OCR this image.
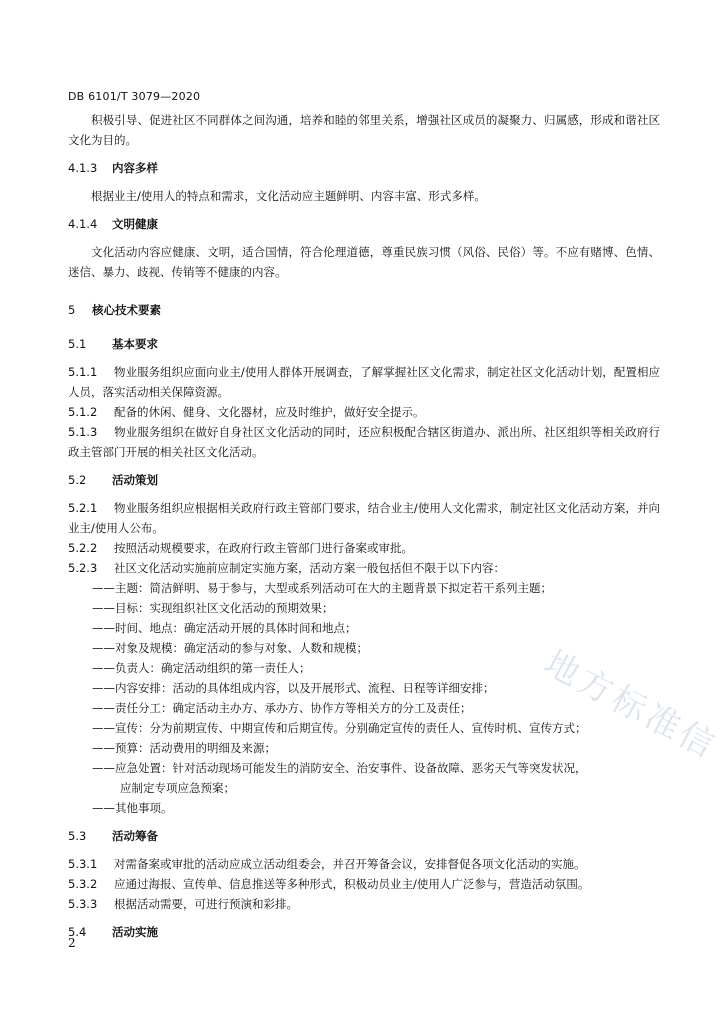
DB 6101/T 3079—2020

积极引导、促进社区不同群体之间沟通，培养和睦的邻里关系，增强社区成员的凝聚力、归属感，形成和谐社区文化为目的。

4.1.3 内容多样

根据业主/使用人的特点和需求，文化活动应主题鲜明、内容丰富、形式多样。

4.1.4 文明健康

文化活动内容应健康、文明，适合国情，符合伦理道德，尊重民族习惯（风俗、民俗）等。不应有赌博、色情、迷信、暴力、歧视、传销等不健康的内容。

5 核心技术要素
5.1 基本要求

5.1.1 物业服务组织应面向业主/使用人群体开展调查，了解掌握社区文化需求，制定社区文化活动计划，配置相应人员，落实活动相关保障资源。

5.1.2 配备的休闲、健身、文化器材，应及时维护，做好安全提示。

5.1.3 物业服务组织在做好自身社区文化活动的同时，还应积极配合辖区街道办、派出所、社区组织等相关政府行政主管部门开展的相关社区文化活动。

5.2 活动策划

5.2.1 物业服务组织应根据相关政府行政主管部门要求，结合业主/使用人文化需求，制定社区文化活动方案，并向业主/使用人公布。

5.2.2 按照活动规模要求，在政府行政主管部门进行备案或审批。

5.2.3 社区文化活动实施前应制定实施方案，活动方案一般包括但不限于以下内容：

——主题：简洁鲜明、易于参与，大型或系列活动可在大的主题背景下拟定若干系列主题；

——目标：实现组织社区文化活动的预期效果；

——时间、地点：确定活动开展的具体时间和地点；

——对象及规模：确定活动的参与对象、人数和规模；

——负责人：确定活动组织的第一责任人；

——内容安排：活动的具体组成内容，以及开展形式、流程、日程等详细安排；

——责任分工：确定活动主办方、承办方、协作方等相关方的分工及责任；

——宣传：分为前期宣传、中期宣传和后期宣传。分别确定宣传的责任人、宣传时机、宣传方式；

——预算：活动费用的明细及来源；

——应急处置：针对活动现场可能发生的消防安全、治安事件、设备故障、恶劣天气等突发状况，

应制定专项应急预案；

——其他事项。

5.3 活动筹备

5.3.1 对需备案或审批的活动应成立活动组委会，并召开筹备会议，安排督促各项文化活动的实施。

5.3.2 应通过海报、宣传单、信息推送等多种形式，积极动员业主/使用人广泛参与，营造活动氛围。

5.3.3 根据活动需要，可进行预演和彩排。

5.4 活动实施
2
地方标准信
